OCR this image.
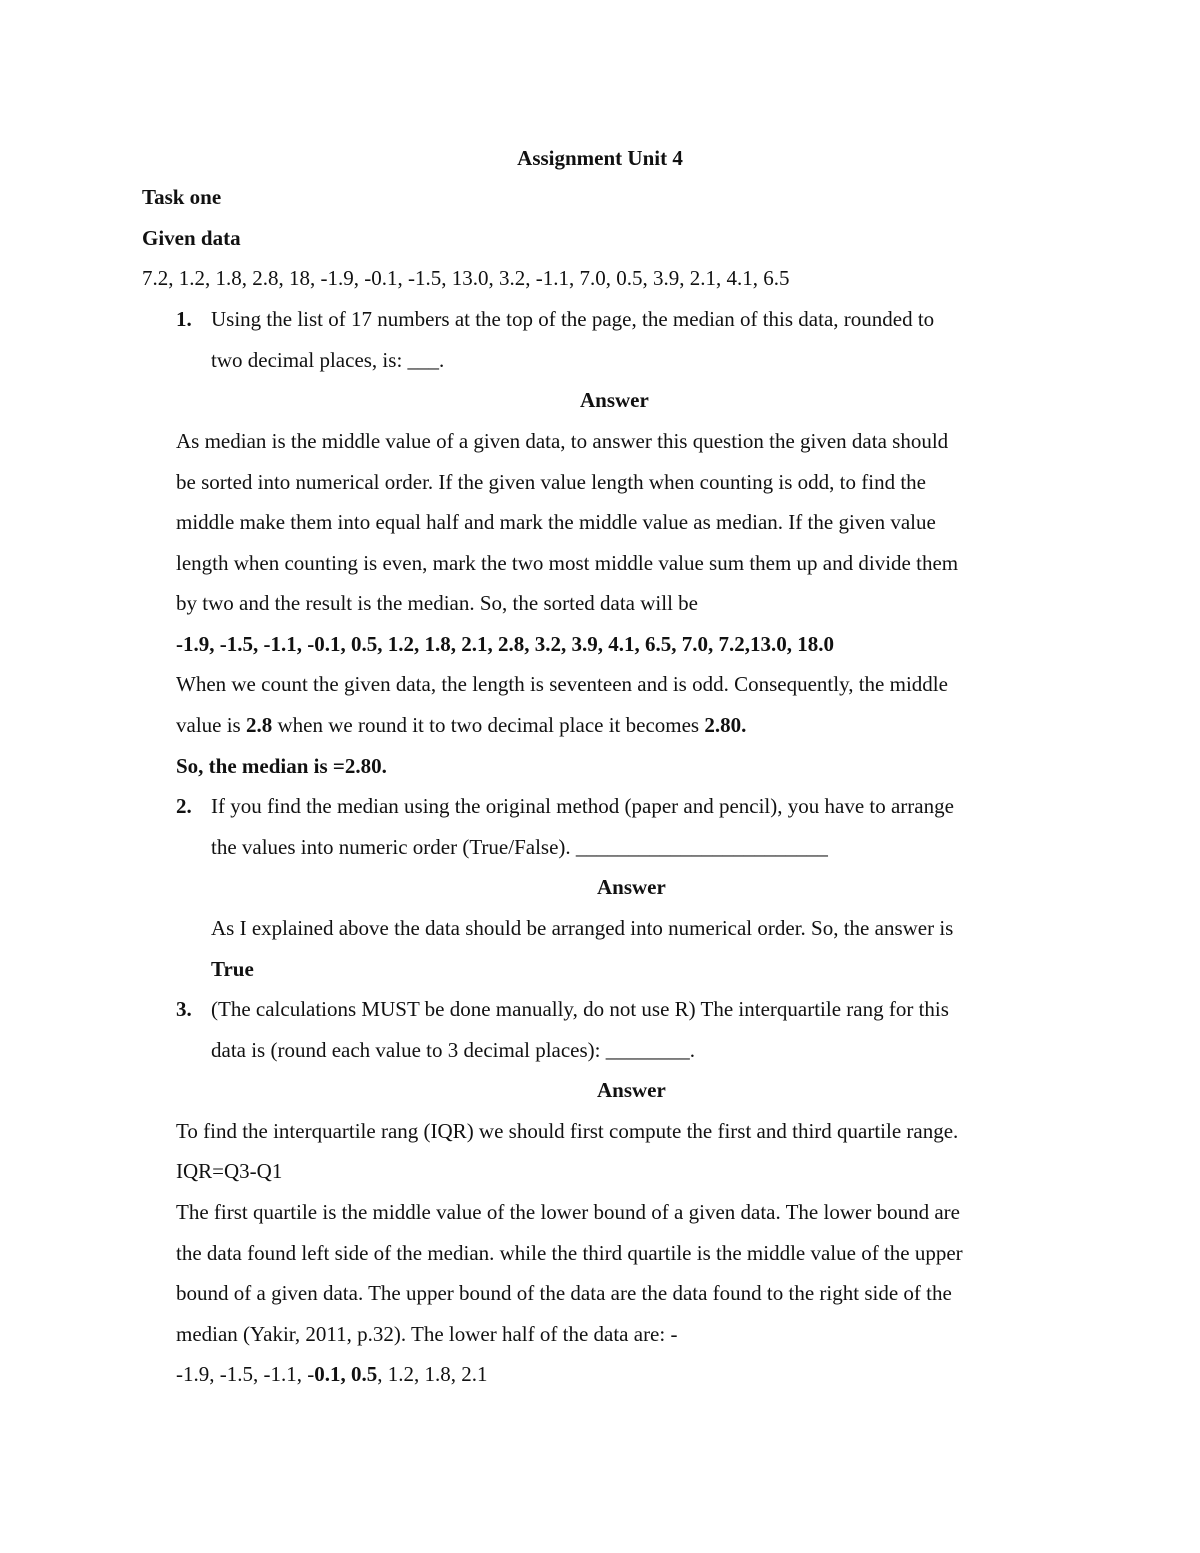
Assignment Unit 4
Task one
Given data
7.2, 1.2, 1.8, 2.8, 18, -1.9, -0.1, -1.5, 13.0, 3.2, -1.1, 7.0, 0.5, 3.9, 2.1, 4.1, 6.5
1. Using the list of 17 numbers at the top of the page, the median of this data, rounded to
two decimal places, is: ___.
Answer
As median is the middle value of a given data, to answer this question the given data should
be sorted into numerical order. If the given value length when counting is odd, to find the
middle make them into equal half and mark the middle value as median. If the given value
length when counting is even, mark the two most middle value sum them up and divide them
by two and the result is the median. So, the sorted data will be
-1.9, -1.5, -1.1, -0.1, 0.5, 1.2, 1.8, 2.1, 2.8, 3.2, 3.9, 4.1, 6.5, 7.0, 7.2,13.0, 18.0
When we count the given data, the length is seventeen and is odd. Consequently, the middle
value is 2.8 when we round it to two decimal place it becomes 2.80.
So, the median is =2.80.
2. If you find the median using the original method (paper and pencil), you have to arrange
the values into numeric order (True/False). ________________________
Answer
As I explained above the data should be arranged into numerical order. So, the answer is
True
3. (The calculations MUST be done manually, do not use R) The interquartile rang for this
data is (round each value to 3 decimal places): ________.
Answer
To find the interquartile rang (IQR) we should first compute the first and third quartile range.
IQR=Q3-Q1
The first quartile is the middle value of the lower bound of a given data. The lower bound are
the data found left side of the median. while the third quartile is the middle value of the upper
bound of a given data. The upper bound of the data are the data found to the right side of the
median (Yakir, 2011, p.32). The lower half of the data are: -
-1.9, -1.5, -1.1, -0.1, 0.5, 1.2, 1.8, 2.1
